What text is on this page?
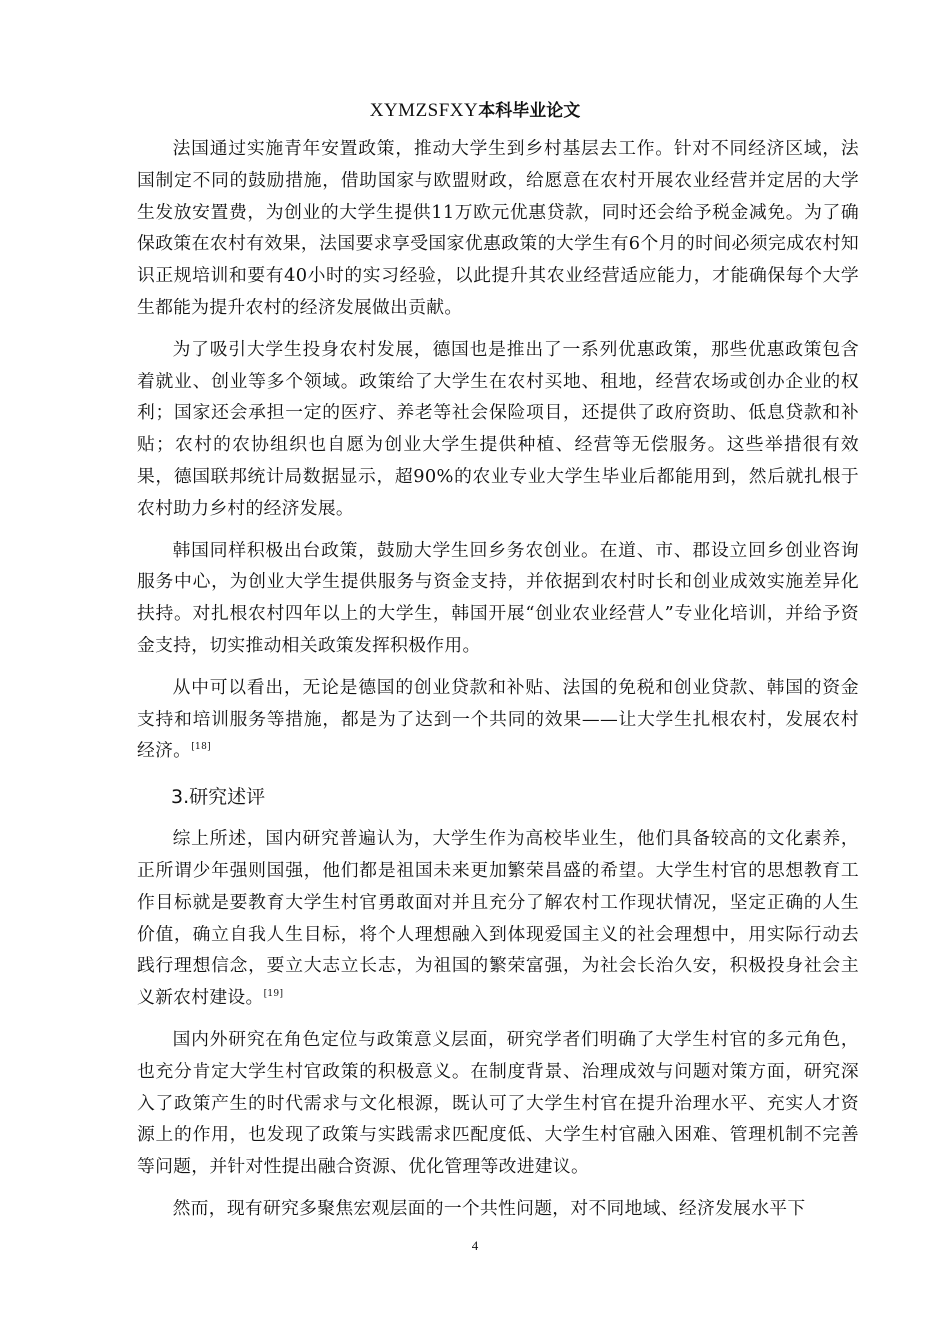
XYMZSFXY本科毕业论文

法国通过实施青年安置政策，推动大学生到乡村基层去工作。针对不同经济区域，法国制定不同的鼓励措施，借助国家与欧盟财政，给愿意在农村开展农业经营并定居的大学生发放安置费，为创业的大学生提供11万欧元优惠贷款，同时还会给予税金减免。为了确保政策在农村有效果，法国要求享受国家优惠政策的大学生有6个月的时间必须完成农村知识正规培训和要有40小时的实习经验，以此提升其农业经营适应能力，才能确保每个大学生都能为提升农村的经济发展做出贡献。

为了吸引大学生投身农村发展，德国也是推出了一系列优惠政策，那些优惠政策包含着就业、创业等多个领域。政策给了大学生在农村买地、租地，经营农场或创办企业的权利；国家还会承担一定的医疗、养老等社会保险项目，还提供了政府资助、低息贷款和补贴；农村的农协组织也自愿为创业大学生提供种植、经营等无偿服务。这些举措很有效果，德国联邦统计局数据显示，超90%的农业专业大学生毕业后都能用到，然后就扎根于农村助力乡村的经济发展。

韩国同样积极出台政策，鼓励大学生回乡务农创业。在道、市、郡设立回乡创业咨询服务中心，为创业大学生提供服务与资金支持，并依据到农村时长和创业成效实施差异化扶持。对扎根农村四年以上的大学生，韩国开展“创业农业经营人”专业化培训，并给予资金支持，切实推动相关政策发挥积极作用。

从中可以看出，无论是德国的创业贷款和补贴、法国的免税和创业贷款、韩国的资金支持和培训服务等措施，都是为了达到一个共同的效果——让大学生扎根农村，发展农村经济。[18]

3.研究述评

综上所述，国内研究普遍认为，大学生作为高校毕业生，他们具备较高的文化素养，正所谓少年强则国强，他们都是祖国未来更加繁荣昌盛的希望。大学生村官的思想教育工作目标就是要教育大学生村官勇敢面对并且充分了解农村工作现状情况，坚定正确的人生价值，确立自我人生目标，将个人理想融入到体现爱国主义的社会理想中，用实际行动去践行理想信念，要立大志立长志，为祖国的繁荣富强，为社会长治久安，积极投身社会主义新农村建设。[19]

国内外研究在角色定位与政策意义层面，研究学者们明确了大学生村官的多元角色，也充分肯定大学生村官政策的积极意义。在制度背景、治理成效与问题对策方面，研究深入了政策产生的时代需求与文化根源，既认可了大学生村官在提升治理水平、充实人才资源上的作用，也发现了政策与实践需求匹配度低、大学生村官融入困难、管理机制不完善等问题，并针对性提出融合资源、优化管理等改进建议。

然而，现有研究多聚焦宏观层面的一个共性问题，对不同地域、经济发展水平下

4
